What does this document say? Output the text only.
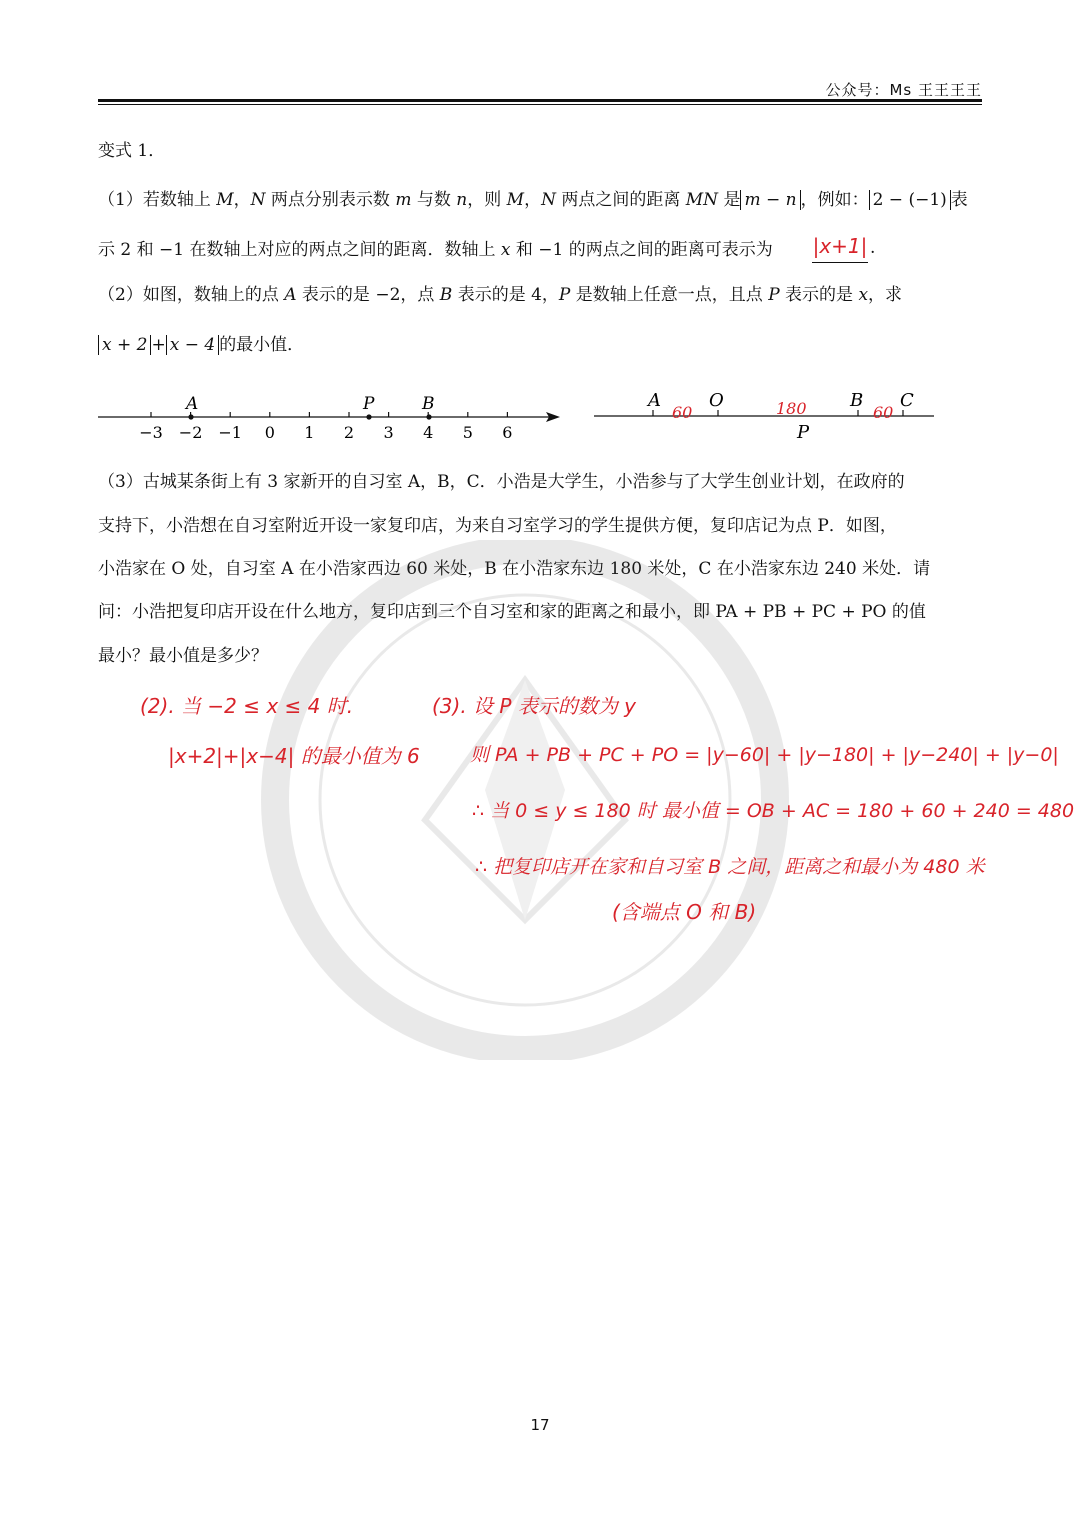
公众号：Ms 王王王王
变式 1．
（1）若数轴上 M，N 两点分别表示数 m 与数 n，则 M，N 两点之间的距离 MN 是 m − n ，例如： 2 − (−1) 表
示 2 和 −1 在数轴上对应的两点之间的距离．数轴上 x 和 −1 的两点之间的距离可表示为	|x+1| .
（2）如图，数轴上的点 A 表示的是 −2，点 B 表示的是 4，P 是数轴上任意一点，且点 P 表示的是 x，求
x + 2 + x − 4 的最小值．
−3 −2 −1 0 1 2 3 4 5 6
A	P	B	A	O	B C
P
60	180	60
（3）古城某条街上有 3 家新开的自习室 A，B，C．小浩是大学生，小浩参与了大学生创业计划，在政府的
支持下，小浩想在自习室附近开设一家复印店，为来自习室学习的学生提供方便，复印店记为点 P．如图，
小浩家在 O 处，自习室 A 在小浩家西边 60 米处，B 在小浩家东边 180 米处，C 在小浩家东边 240 米处．请
问：小浩把复印店开设在什么地方，复印店到三个自习室和家的距离之和最小，即 PA + PB + PC + PO 的值
最小？最小值是多少？
(2). 当 −2 ≤ x ≤ 4 时.
|x+2|+|x−4| 的最小值为 6
(3). 设 P 表示的数为 y
则 PA + PB + PC + PO = |y−60| + |y−180| + |y−240| + |y−0|
∴ 当 0 ≤ y ≤ 180 时 最小值 = OB + AC = 180 + 60 + 240 = 480
∴ 把复印店开在家和自习室 B 之间，距离之和最小为 480 米
(含端点 O 和 B)
17
